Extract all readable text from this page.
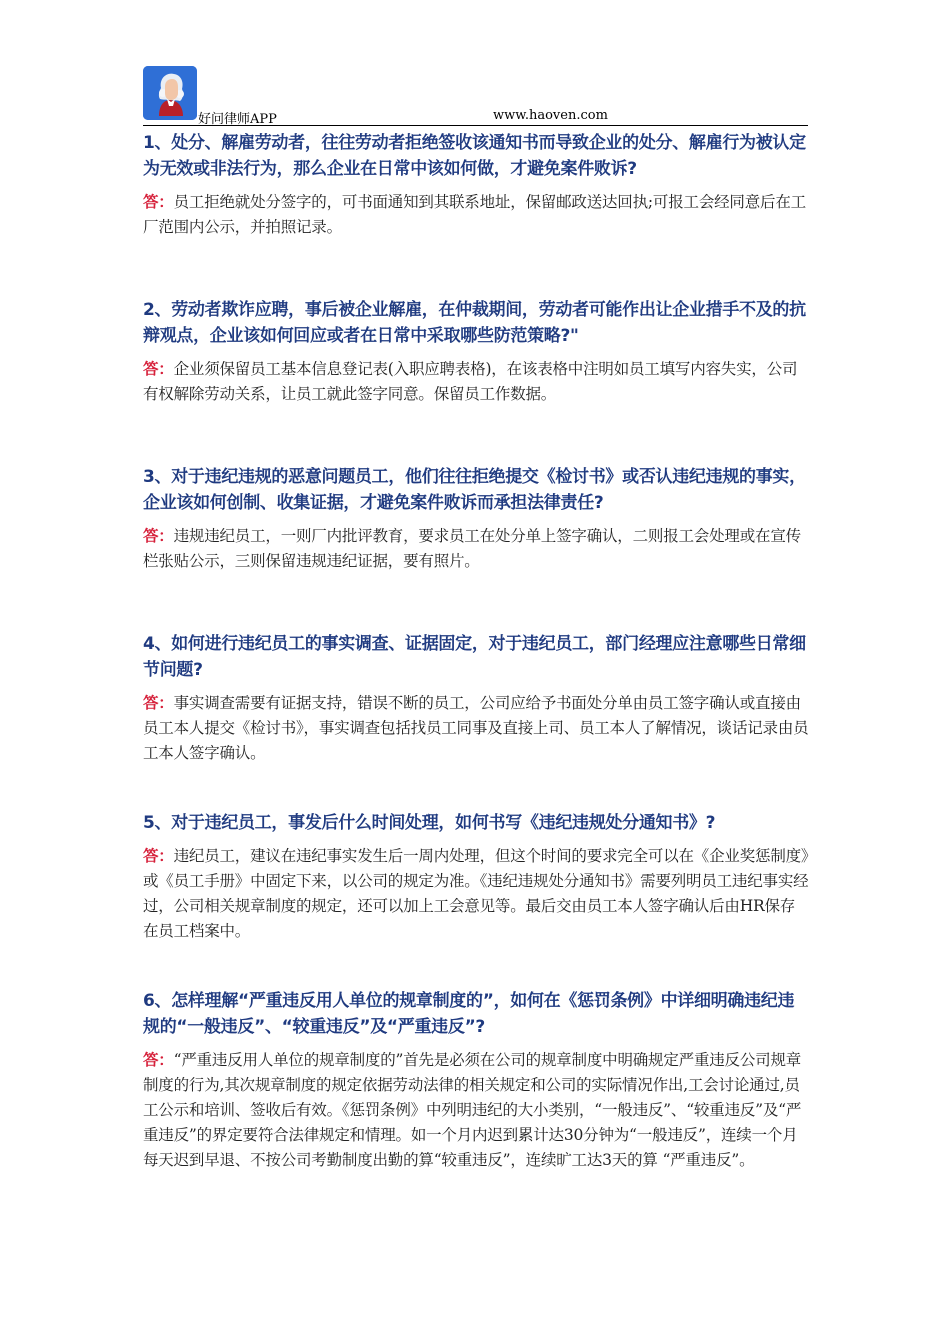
好问律师APP	www.haoven.com

1、处分、解雇劳动者，往往劳动者拒绝签收该通知书而导致企业的处分、解雇行为被认定为无效或非法行为，那么企业在日常中该如何做，才避免案件败诉?

答：员工拒绝就处分签字的，可书面通知到其联系地址，保留邮政送达回执;可报工会经同意后在工厂范围内公示，并拍照记录。

2、劳动者欺诈应聘，事后被企业解雇，在仲裁期间，劳动者可能作出让企业措手不及的抗辩观点，企业该如何回应或者在日常中采取哪些防范策略?"

答：企业须保留员工基本信息登记表(入职应聘表格)，在该表格中注明如员工填写内容失实，公司有权解除劳动关系，让员工就此签字同意。保留员工作数据。

3、对于违纪违规的恶意问题员工，他们往往拒绝提交《检讨书》或否认违纪违规的事实，企业该如何创制、收集证据，才避免案件败诉而承担法律责任?

答：违规违纪员工，一则厂内批评教育，要求员工在处分单上签字确认，二则报工会处理或在宣传栏张贴公示，三则保留违规违纪证据，要有照片。

4、如何进行违纪员工的事实调查、证据固定，对于违纪员工，部门经理应注意哪些日常细节问题?

答：事实调查需要有证据支持，错误不断的员工，公司应给予书面处分单由员工签字确认或直接由员工本人提交《检讨书》，事实调查包括找员工同事及直接上司、员工本人了解情况，谈话记录由员工本人签字确认。

5、对于违纪员工，事发后什么时间处理，如何书写《违纪违规处分通知书》?

答：违纪员工，建议在违纪事实发生后一周内处理，但这个时间的要求完全可以在《企业奖惩制度》或《员工手册》中固定下来，以公司的规定为准。《违纪违规处分通知书》需要列明员工违纪事实经过，公司相关规章制度的规定，还可以加上工会意见等。最后交由员工本人签字确认后由HR保存在员工档案中。

6、怎样理解“严重违反用人单位的规章制度的”，如何在《惩罚条例》中详细明确违纪违规的“一般违反”、“较重违反”及“严重违反”?

答：“严重违反用人单位的规章制度的”首先是必须在公司的规章制度中明确规定严重违反公司规章制度的行为,其次规章制度的规定依据劳动法律的相关规定和公司的实际情况作出,工会讨论通过,员工公示和培训、签收后有效。《惩罚条例》中列明违纪的大小类别，“一般违反”、“较重违反”及“严重违反”的界定要符合法律规定和情理。如一个月内迟到累计达30分钟为“一般违反”，连续一个月每天迟到早退、不按公司考勤制度出勤的算“较重违反”，连续旷工达3天的算 “严重违反”。
